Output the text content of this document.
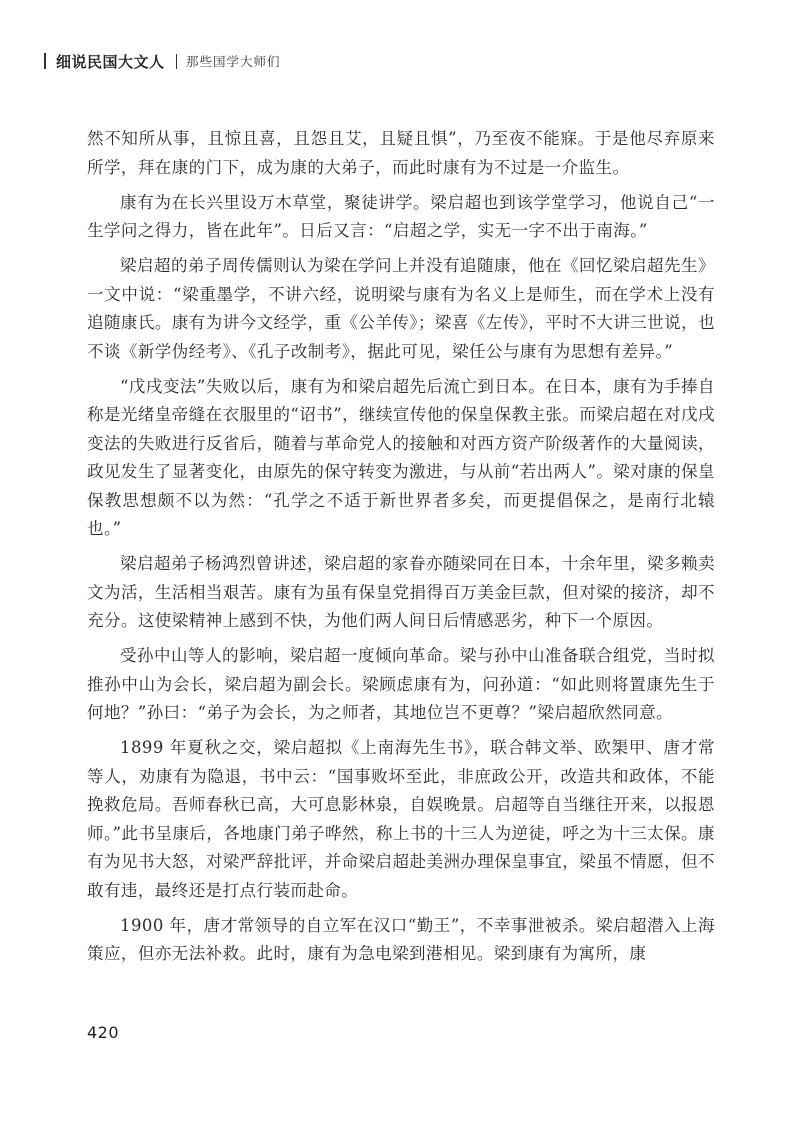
细说民国大文人 那些国学大师们

然不知所从事，且惊且喜，且怨且艾，且疑且惧”，乃至夜不能寐。于是他尽弃原来所学，拜在康的门下，成为康的大弟子，而此时康有为不过是一介监生。

康有为在长兴里设万木草堂，聚徒讲学。梁启超也到该学堂学习，他说自己“一生学问之得力，皆在此年”。日后又言：“启超之学，实无一字不出于南海。”

梁启超的弟子周传儒则认为梁在学问上并没有追随康，他在《回忆梁启超先生》一文中说：“梁重墨学，不讲六经，说明梁与康有为名义上是师生，而在学术上没有追随康氏。康有为讲今文经学，重《公羊传》；梁喜《左传》，平时不大讲三世说，也不谈《新学伪经考》、《孔子改制考》，据此可见，梁任公与康有为思想有差异。”

“戊戌变法”失败以后，康有为和梁启超先后流亡到日本。在日本，康有为手捧自称是光绪皇帝缝在衣服里的“诏书”，继续宣传他的保皇保教主张。而梁启超在对戊戌变法的失败进行反省后，随着与革命党人的接触和对西方资产阶级著作的大量阅读，政见发生了显著变化，由原先的保守转变为激进，与从前“若出两人”。梁对康的保皇保教思想颇不以为然：“孔学之不适于新世界者多矣，而更提倡保之，是南行北辕也。”

梁启超弟子杨鸿烈曾讲述，梁启超的家眷亦随梁同在日本，十余年里，梁多赖卖文为活，生活相当艰苦。康有为虽有保皇党捐得百万美金巨款，但对梁的接济，却不充分。这使梁精神上感到不快，为他们两人间日后情感恶劣，种下一个原因。

受孙中山等人的影响，梁启超一度倾向革命。梁与孙中山准备联合组党，当时拟推孙中山为会长，梁启超为副会长。梁顾虑康有为，问孙道：“如此则将置康先生于何地？”孙曰：“弟子为会长，为之师者，其地位岂不更尊？”梁启超欣然同意。

1899 年夏秋之交，梁启超拟《上南海先生书》，联合韩文举、欧榘甲、唐才常等人，劝康有为隐退，书中云：“国事败坏至此，非庶政公开，改造共和政体，不能挽救危局。吾师春秋已高，大可息影林泉，自娱晚景。启超等自当继往开来，以报恩师。”此书呈康后，各地康门弟子哗然，称上书的十三人为逆徒，呼之为十三太保。康有为见书大怒，对梁严辞批评，并命梁启超赴美洲办理保皇事宜，梁虽不情愿，但不敢有违，最终还是打点行装而赴命。

1900 年，唐才常领导的自立军在汉口“勤王”，不幸事泄被杀。梁启超潜入上海策应，但亦无法补救。此时，康有为急电梁到港相见。梁到康有为寓所，康

420
